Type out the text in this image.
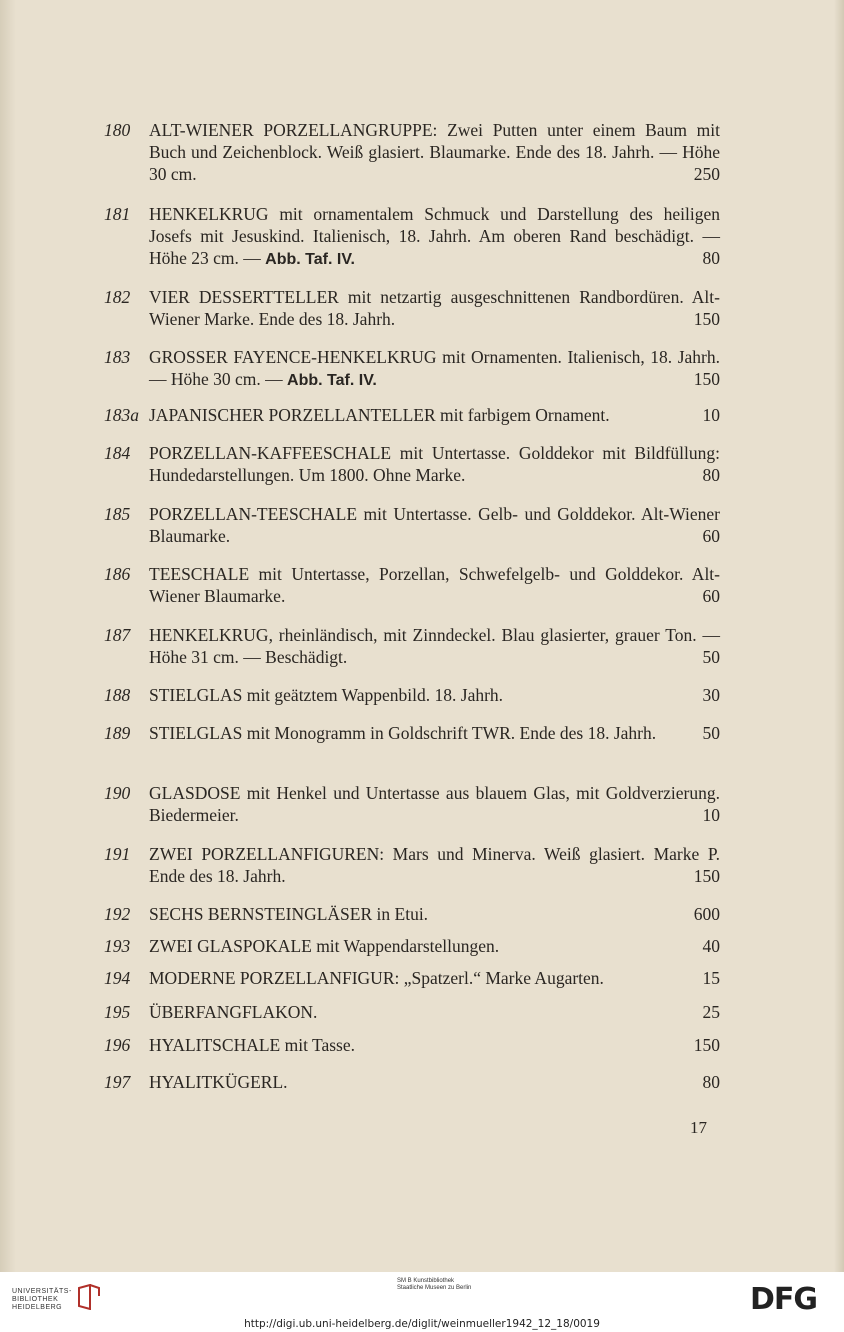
180	ALT-WIENER PORZELLANGRUPPE: Zwei Putten unter einem Baum mit Buch und Zeichenblock. Weiß glasiert. Blaumarke. Ende des 18. Jahrh. — Höhe 30 cm.	250
181	HENKELKRUG mit ornamentalem Schmuck und Darstellung des heiligen Josefs mit Jesuskind. Italienisch, 18. Jahrh. Am oberen Rand beschädigt. — Höhe 23 cm. — Abb. Taf. IV.	80
182	VIER DESSERTTELLER mit netzartig ausgeschnittenen Randbordüren. Alt-Wiener Marke. Ende des 18. Jahrh.	150
183	GROSSER FAYENCE-HENKELKRUG mit Ornamenten. Italienisch, 18. Jahrh. — Höhe 30 cm. — Abb. Taf. IV.	150
183a JAPANISCHER PORZELLANTELLER mit farbigem Ornament.	10
184	PORZELLAN-KAFFEESCHALE mit Untertasse. Golddekor mit Bildfüllung: Hundedarstellungen. Um 1800. Ohne Marke.	80
185	PORZELLAN-TEESCHALE mit Untertasse. Gelb- und Golddekor. Alt-Wiener Blaumarke.	60
186	TEESCHALE mit Untertasse, Porzellan, Schwefelgelb- und Golddekor. Alt-Wiener Blaumarke.	60
187	HENKELKRUG, rheinländisch, mit Zinndeckel. Blau glasierter, grauer Ton. — Höhe 31 cm. — Beschädigt.	50
188	STIELGLAS mit geätztem Wappenbild. 18. Jahrh.	30
189	STIELGLAS mit Monogramm in Goldschrift TWR. Ende des 18. Jahrh.	50
190	GLASDOSE mit Henkel und Untertasse aus blauem Glas, mit Goldverzierung. Biedermeier.	10
191	ZWEI PORZELLANFIGUREN: Mars und Minerva. Weiß glasiert. Marke P. Ende des 18. Jahrh.	150
192	SECHS BERNSTEINGLÄSER in Etui.	600
193	ZWEI GLASPOKALE mit Wappendarstellungen.	40
194	MODERNE PORZELLANFIGUR: „Spatzerl.“ Marke Augarten.	15
195	ÜBERFANGFLAKON.	25
196	HYALITSCHALE mit Tasse.	150
197	HYALITKÜGERL.	80
17
UNIVERSITÄTS-BIBLIOTHEK HEIDELBERG
SM B Kunstbibliothek Staatliche Museen zu Berlin	DFG
http://digi.ub.uni-heidelberg.de/diglit/weinmueller1942_12_18/0019
